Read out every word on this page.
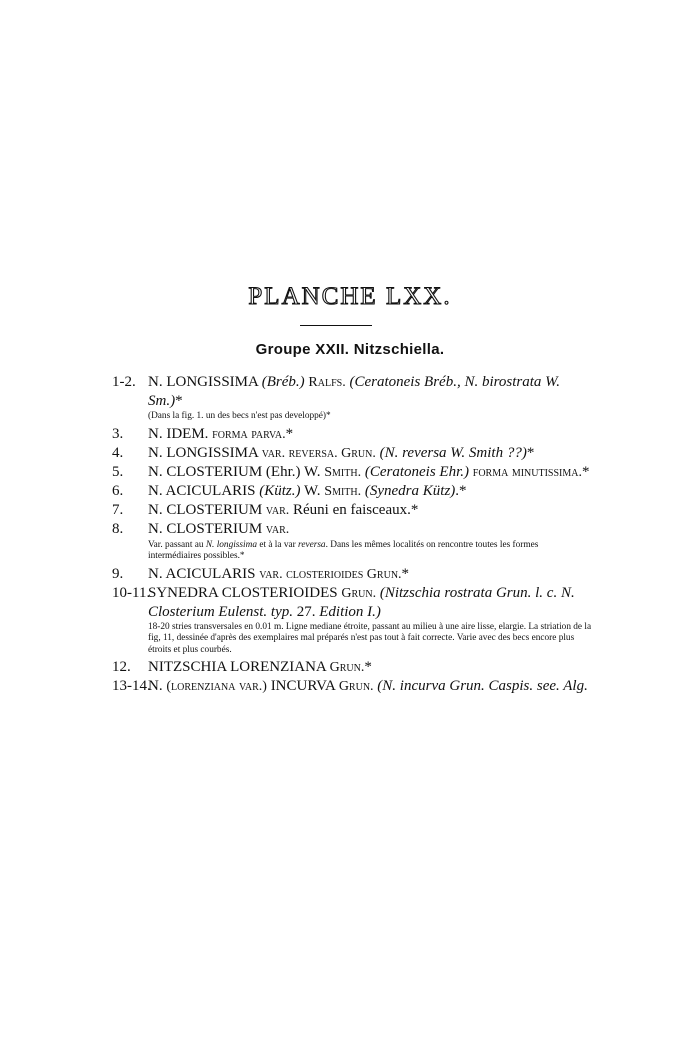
PLANCHE LXX.
Groupe XXII. Nitzschiella.
1-2. N. LONGISSIMA (Bréb.) Ralfs. (Ceratoneis Bréb., N. birostrata W. Sm.)*
(Dans la fig. 1. un des becs n'est pas developpé)*
3. N. IDEM. forma parva.*
4. N. LONGISSIMA var. reversa. Grun. (N. reversa W. Smith ??)*
5. N. CLOSTERIUM (Ehr.) W. Smith. (Ceratoneis Ehr.) forma minutissima.*
6. N. ACICULARIS (Kütz.) W. Smith. (Synedra Kütz).*
7. N. CLOSTERIUM var. Réuni en faisceaux.*
8. N. CLOSTERIUM var.
Var. passant au N. longissima et à la var reversa. Dans les mêmes localités on rencontre toutes les formes intermédiaires possibles.*
9. N. ACICULARIS var. closterioides Grun.*
10-11.
SYNEDRA CLOSTERIOIDES Grun. (Nitzschia rostrata Grun. l. c. N. Closterium Eulenst. typ. 27. Edition I.)
18-20 stries transversales en 0.01 m. Ligne mediane étroite, passant au milieu à une aire lisse, elargie. La striation de la fig, 11, dessinée d'après des exemplaires mal préparés n'est pas tout à fait correcte. Varie avec des becs encore plus étroits et plus courbés.
12. NITZSCHIA LORENZIANA Grun.*
13-14.
N. (lorenziana var.) INCURVA Grun. (N. incurva Grun. Caspis. see. Alg.
